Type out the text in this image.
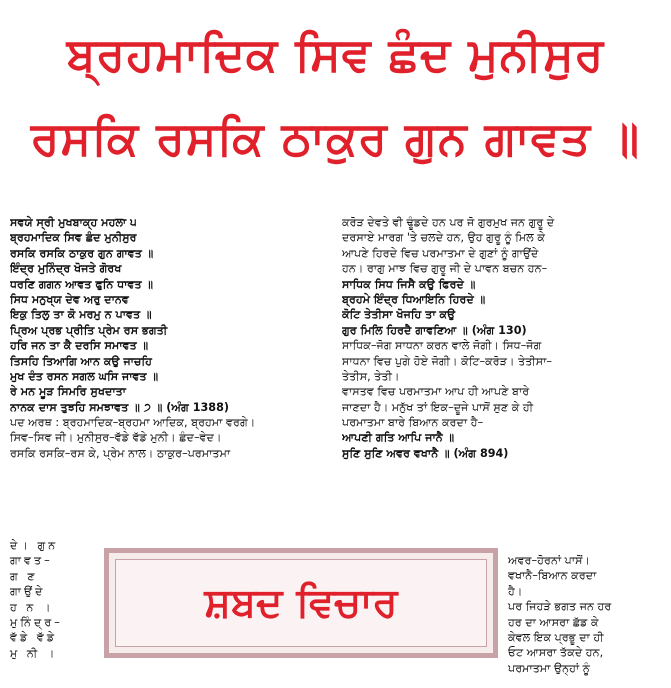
ਬ੍ਰਹਮਾਦਿਕ ਸਿਵ ਛੰਦ ਮੁਨੀਸੁਰ
ਰਸਕਿ ਰਸਕਿ ਠਾਕੁਰ ਗੁਨ ਗਾਵਤ ॥
ਸਵਯੇ ਸ੍ਰੀ ਮੁਖਬਾਕ੍ਹ ਮਹਲਾ ੫
ਬ੍ਰਹਮਾਦਿਕ ਸਿਵ ਛੰਦ ਮੁਨੀਸੁਰ
ਰਸਕਿ ਰਸਕਿ ਠਾਕੁਰ ਗੁਨ ਗਾਵਤ ॥
ਇੰਦ੍ਰ ਮੁਨਿੰਦ੍ਰ ਖੋਜਤੇ ਗੋਰਖ
ਧਰਣਿ ਗਗਨ ਆਵਤ ਫੁਨਿ ਧਾਵਤ ॥
ਸਿਧ ਮਨੁਖ੍ਯ ਦੇਵ ਅਰੁ ਦਾਨਵ
ਇਕੁ ਤਿਲੁ ਤਾ ਕੋ ਮਰਮੁ ਨ ਪਾਵਤ ॥
ਪ੍ਰਿਅ ਪ੍ਰਭ ਪ੍ਰੀਤਿ ਪ੍ਰੇਮ ਰਸ ਭਗਤੀ
ਹਰਿ ਜਨ ਤਾ ਕੈ ਦਰਸਿ ਸਮਾਵਤ ॥
ਤਿਸਹਿ ਤਿਆਗਿ ਆਨ ਕਉ ਜਾਚਹਿ
ਮੁਖ ਦੰਤ ਰਸਨ ਸਗਲ ਘਸਿ ਜਾਵਤ ॥
ਰੇ ਮਨ ਮੂੜ ਸਿਮਰਿ ਸੁਖਦਾਤਾ
ਨਾਨਕ ਦਾਸ ਤੁਝਹਿ ਸਮਝਾਵਤ ॥ ੭ ॥ (ਅੰਗ 1388)
ਪਦ ਅਰਥ : ਬ੍ਰਹਮਾਦਿਕ–ਬ੍ਰਹਮਾ ਆਦਿਕ, ਬ੍ਰਹਮਾ ਵਰਗੇ।
ਸਿਵ–ਸਿਵ ਜੀ। ਮੁਨੀਸੁਰ–ਵੱਡੇ ਵੱਡੇ ਮੁਨੀ। ਛੰਦ–ਵੇਦ।
ਰਸਕਿ ਰਸਕਿ–ਰਸ ਕੇ, ਪ੍ਰੇਮ ਨਾਲ। ਠਾਕੁਰ–ਪਰਮਾਤਮਾ
ਕਰੋੜ ਦੇਵਤੇ ਵੀ ਢੂੰਡਦੇ ਹਨ ਪਰ ਜੋ ਗੁਰਮੁਖ ਜਨ ਗੁਰੂ ਦੇ
ਦਰਸਾਏ ਮਾਰਗ 'ਤੇ ਚਲਦੇ ਹਨ, ਉਹ ਗੁਰੂ ਨੂੰ ਮਿਲ ਕੇ
ਆਪਣੇ ਹਿਰਦੇ ਵਿਚ ਪਰਮਾਤਮਾ ਦੇ ਗੁਣਾਂ ਨੂੰ ਗਾਉਂਦੇ
ਹਨ। ਰਾਗੁ ਮਾਝ ਵਿਚ ਗੁਰੂ ਜੀ ਦੇ ਪਾਵਨ ਬਚਨ ਹਨ–
ਸਾਧਿਕ ਸਿਧ ਜਿਸੈ ਕਉ ਫਿਰਦੇ ॥
ਬ੍ਰਹਮੇ ਇੰਦ੍ਰ ਧਿਆਇਨਿ ਹਿਰਦੇ ॥
ਕੋਟਿ ਤੇਤੀਸਾ ਖੋਜਹਿ ਤਾ ਕਉ
ਗੁਰ ਮਿਲਿ ਹਿਰਦੈ ਗਾਵਣਿਆ ॥ (ਅੰਗ 130)
ਸਾਧਿਕ–ਜੋਗ ਸਾਧਨਾ ਕਰਨ ਵਾਲੇ ਜੋਗੀ। ਸਿਧ–ਜੋਗ
ਸਾਧਨਾ ਵਿਚ ਪੁਗੇ ਹੋਏ ਜੋਗੀ। ਕੋਟਿ–ਕਰੋੜ। ਤੇਤੀਸਾ–
ਤੇਤੀਸ, ਤੇਤੀ।
ਵਾਸਤਵ ਵਿਚ ਪਰਮਾਤਮਾ ਆਪ ਹੀ ਆਪਣੇ ਬਾਰੇ
ਜਾਣਦਾ ਹੈ। ਮਨੁੱਖ ਤਾਂ ਇਕ–ਦੂਜੇ ਪਾਸੋਂ ਸੁਣ ਕੇ ਹੀ
ਪਰਮਾਤਮਾ ਬਾਰੇ ਬਿਆਨ ਕਰਦਾ ਹੈ–
ਆਪਣੀ ਗਤਿ ਆਪਿ ਜਾਨੈ ॥
ਸੁਣਿ ਸੁਣਿ ਅਵਰ ਵਖਾਨੈ ॥ (ਅੰਗ 894)
ਦੇ। ਗੁਨ
ਗਾਵਤ–
ਗ ਣ
ਗਾਉਂਦੇ
ਹ ਨ ।
ਮੁਨਿੰਦ੍ਰ–
ਵੱਡੇ ਵੱਡੇ
ਮੁ ਨੀ ।
ਅਵਰ–ਹੋਰਨਾਂ ਪਾਸੋਂ।
ਵਖਾਨੈ–ਬਿਆਨ ਕਰਦਾ
ਹੈ।
ਪਰ ਜਿਹੜੇ ਭਗਤ ਜਨ ਹਰ
ਹਰ ਦਾ ਆਸਰਾ ਛੱਡ ਕੇ
ਕੇਵਲ ਇਕ ਪ੍ਰਭੂ ਦਾ ਹੀ
ਓਟ ਆਸਰਾ ਤੱਕਦੇ ਹਨ,
ਪਰਮਾਤਮਾ ਉਨ੍ਹਾਂ ਨੂੰ
ਸ਼ਬਦ ਵਿਚਾਰ
